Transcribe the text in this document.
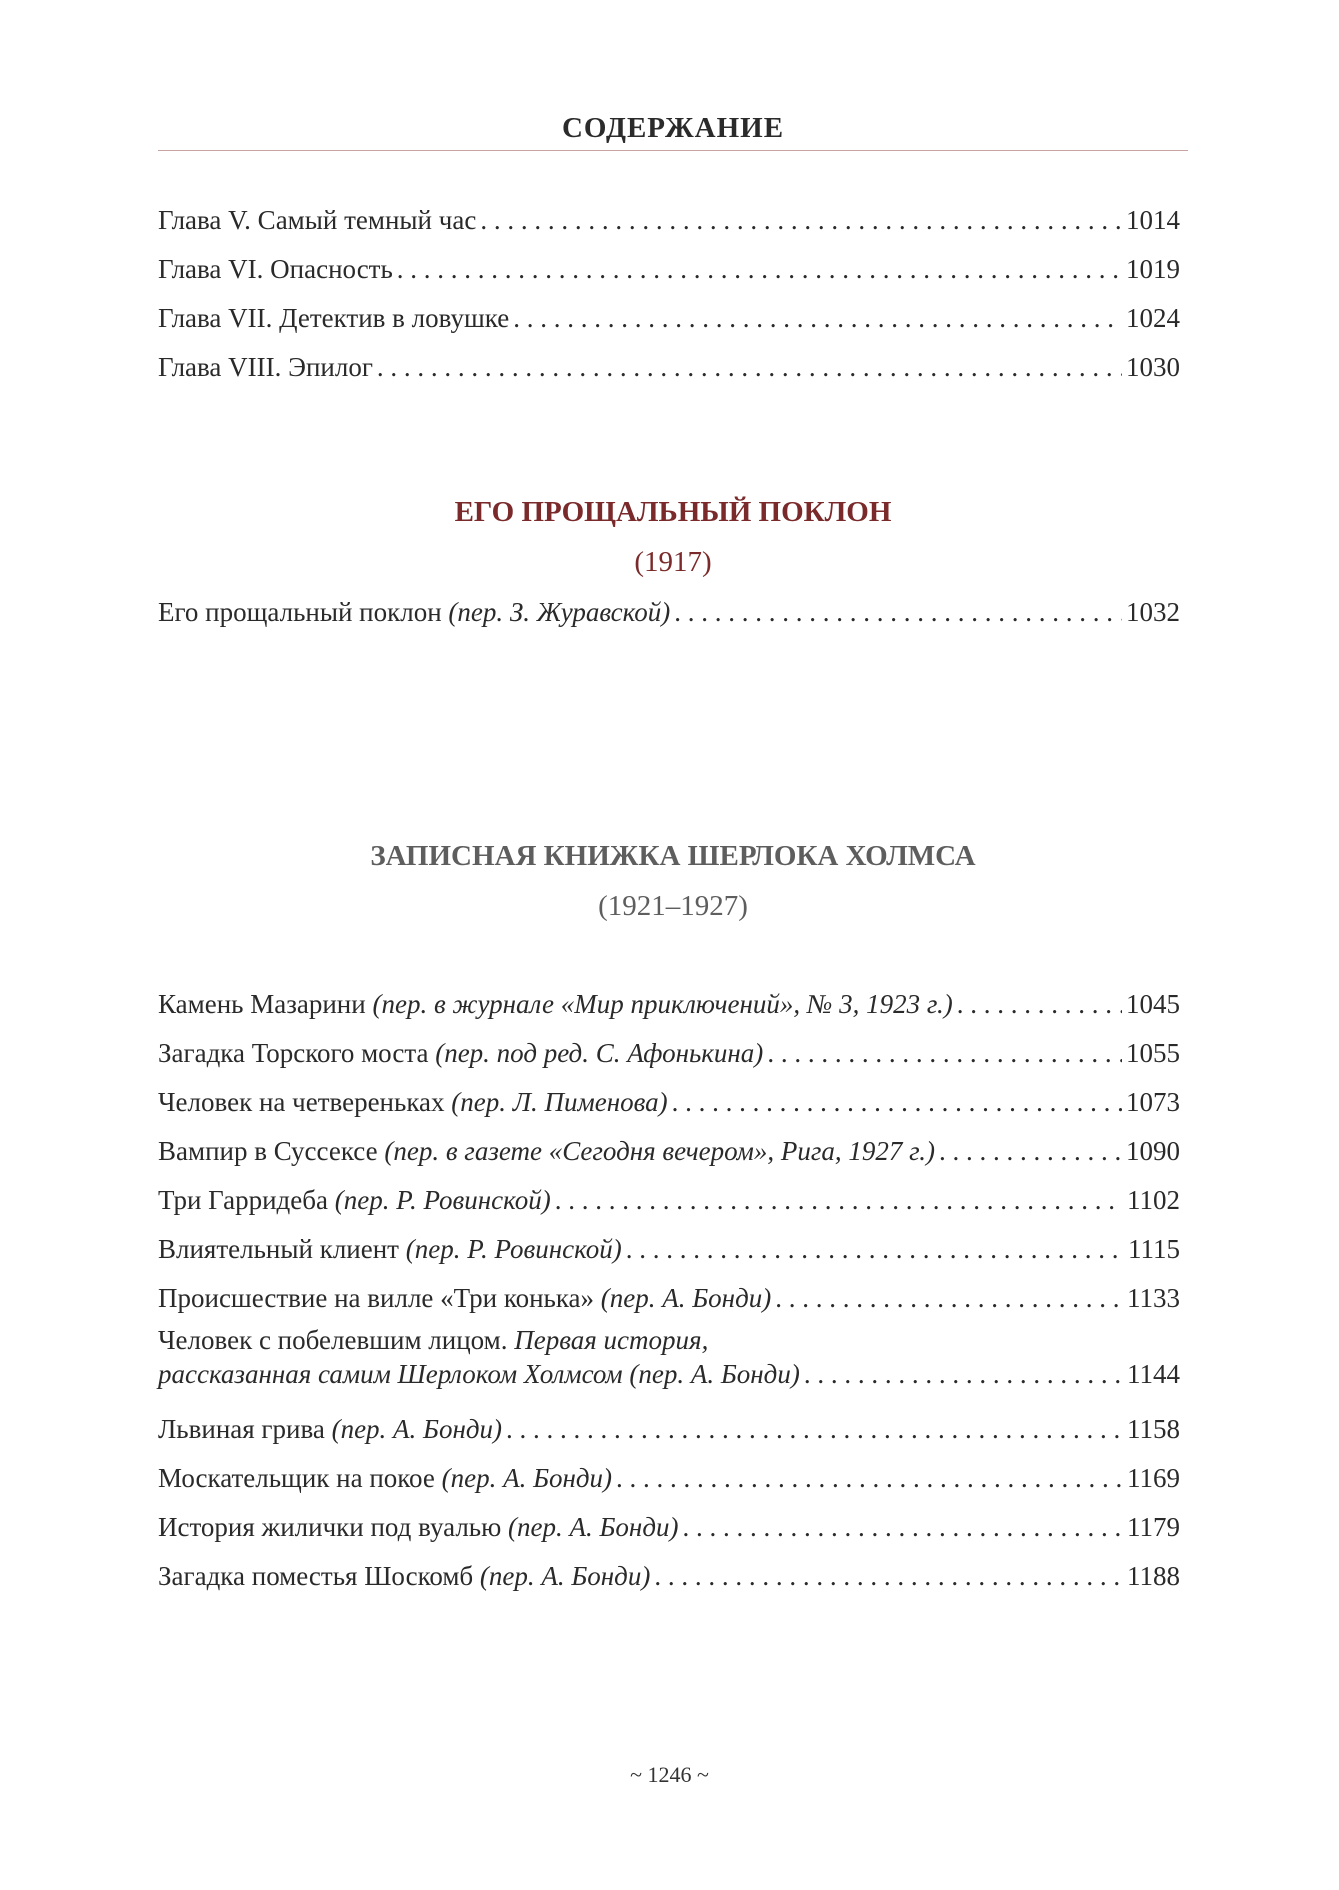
СОДЕРЖАНИЕ
Глава V. Самый темный час . . .	1014
Глава VI. Опасность . . .	1019
Глава VII. Детектив в ловушке . . .	1024
Глава VIII. Эпилог . . .	1030
ЕГО ПРОЩАЛЬНЫЙ ПОКЛОН
(1917)
Его прощальный поклон (пер. З. Журавской) . . .	1032
ЗАПИСНАЯ КНИЖКА ШЕРЛОКА ХОЛМСА
(1921–1927)
Камень Мазарини (пер. в журнале «Мир приключений», № 3, 1923 г.) . . .	1045
Загадка Торского моста (пер. под ред. С. Афонькина) . . .	1055
Человек на четвереньках (пер. Л. Пименова) . . .	1073
Вампир в Суссексе (пер. в газете «Сегодня вечером», Рига, 1927 г.) . . .	1090
Три Гарридеба (пер. Р. Ровинской) . . .	1102
Влиятельный клиент (пер. Р. Ровинской) . . .	1115
Происшествие на вилле «Три конька» (пер. А. Бонди) . . .	1133
Человек с побелевшим лицом. Первая история,
рассказанная самим Шерлоком Холмсом (пер. А. Бонди) . . .	1144
Львиная грива (пер. А. Бонди) . . .	1158
Москательщик на покое (пер. А. Бонди) . . .	1169
История жилички под вуалью (пер. А. Бонди) . . .	1179
Загадка поместья Шоскомб (пер. А. Бонди) . . .	1188
~ 1246 ~
